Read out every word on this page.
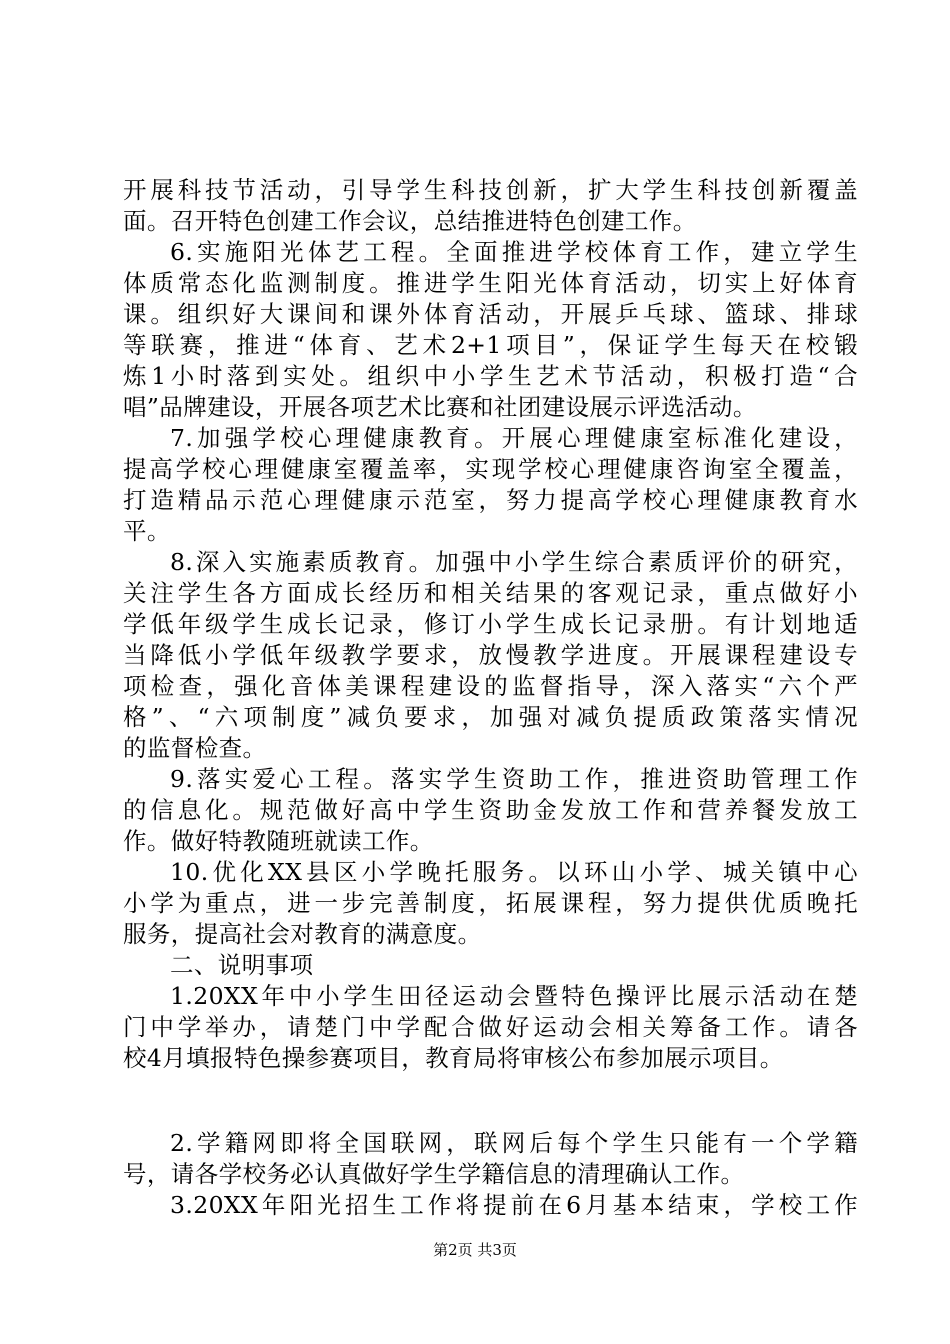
开展科技节活动，引导学生科技创新，扩大学生科技创新覆盖
面。召开特色创建工作会议，总结推进特色创建工作。
6.实施阳光体艺工程。全面推进学校体育工作，建立学生
体质常态化监测制度。推进学生阳光体育活动，切实上好体育
课。组织好大课间和课外体育活动，开展乒乓球、篮球、排球
等联赛，推进“体育、艺术2+1项目”，保证学生每天在校锻
炼1小时落到实处。组织中小学生艺术节活动，积极打造“合
唱”品牌建设，开展各项艺术比赛和社团建设展示评选活动。
7.加强学校心理健康教育。开展心理健康室标准化建设，
提高学校心理健康室覆盖率，实现学校心理健康咨询室全覆盖，
打造精品示范心理健康示范室，努力提高学校心理健康教育水
平。
8.深入实施素质教育。加强中小学生综合素质评价的研究，
关注学生各方面成长经历和相关结果的客观记录，重点做好小
学低年级学生成长记录，修订小学生成长记录册。有计划地适
当降低小学低年级教学要求，放慢教学进度。开展课程建设专
项检查，强化音体美课程建设的监督指导，深入落实“六个严
格”、“六项制度”减负要求，加强对减负提质政策落实情况
的监督检查。
9.落实爱心工程。落实学生资助工作，推进资助管理工作
的信息化。规范做好高中学生资助金发放工作和营养餐发放工
作。做好特教随班就读工作。
10.优化XX县区小学晚托服务。以环山小学、城关镇中心
小学为重点，进一步完善制度，拓展课程，努力提供优质晚托
服务，提高社会对教育的满意度。
二、说明事项
1.20XX年中小学生田径运动会暨特色操评比展示活动在楚
门中学举办，请楚门中学配合做好运动会相关筹备工作。请各
校4月填报特色操参赛项目，教育局将审核公布参加展示项目。
2.学籍网即将全国联网，联网后每个学生只能有一个学籍
号，请各学校务必认真做好学生学籍信息的清理确认工作。
3.20XX年阳光招生工作将提前在6月基本结束，学校工作
第2页 共3页
